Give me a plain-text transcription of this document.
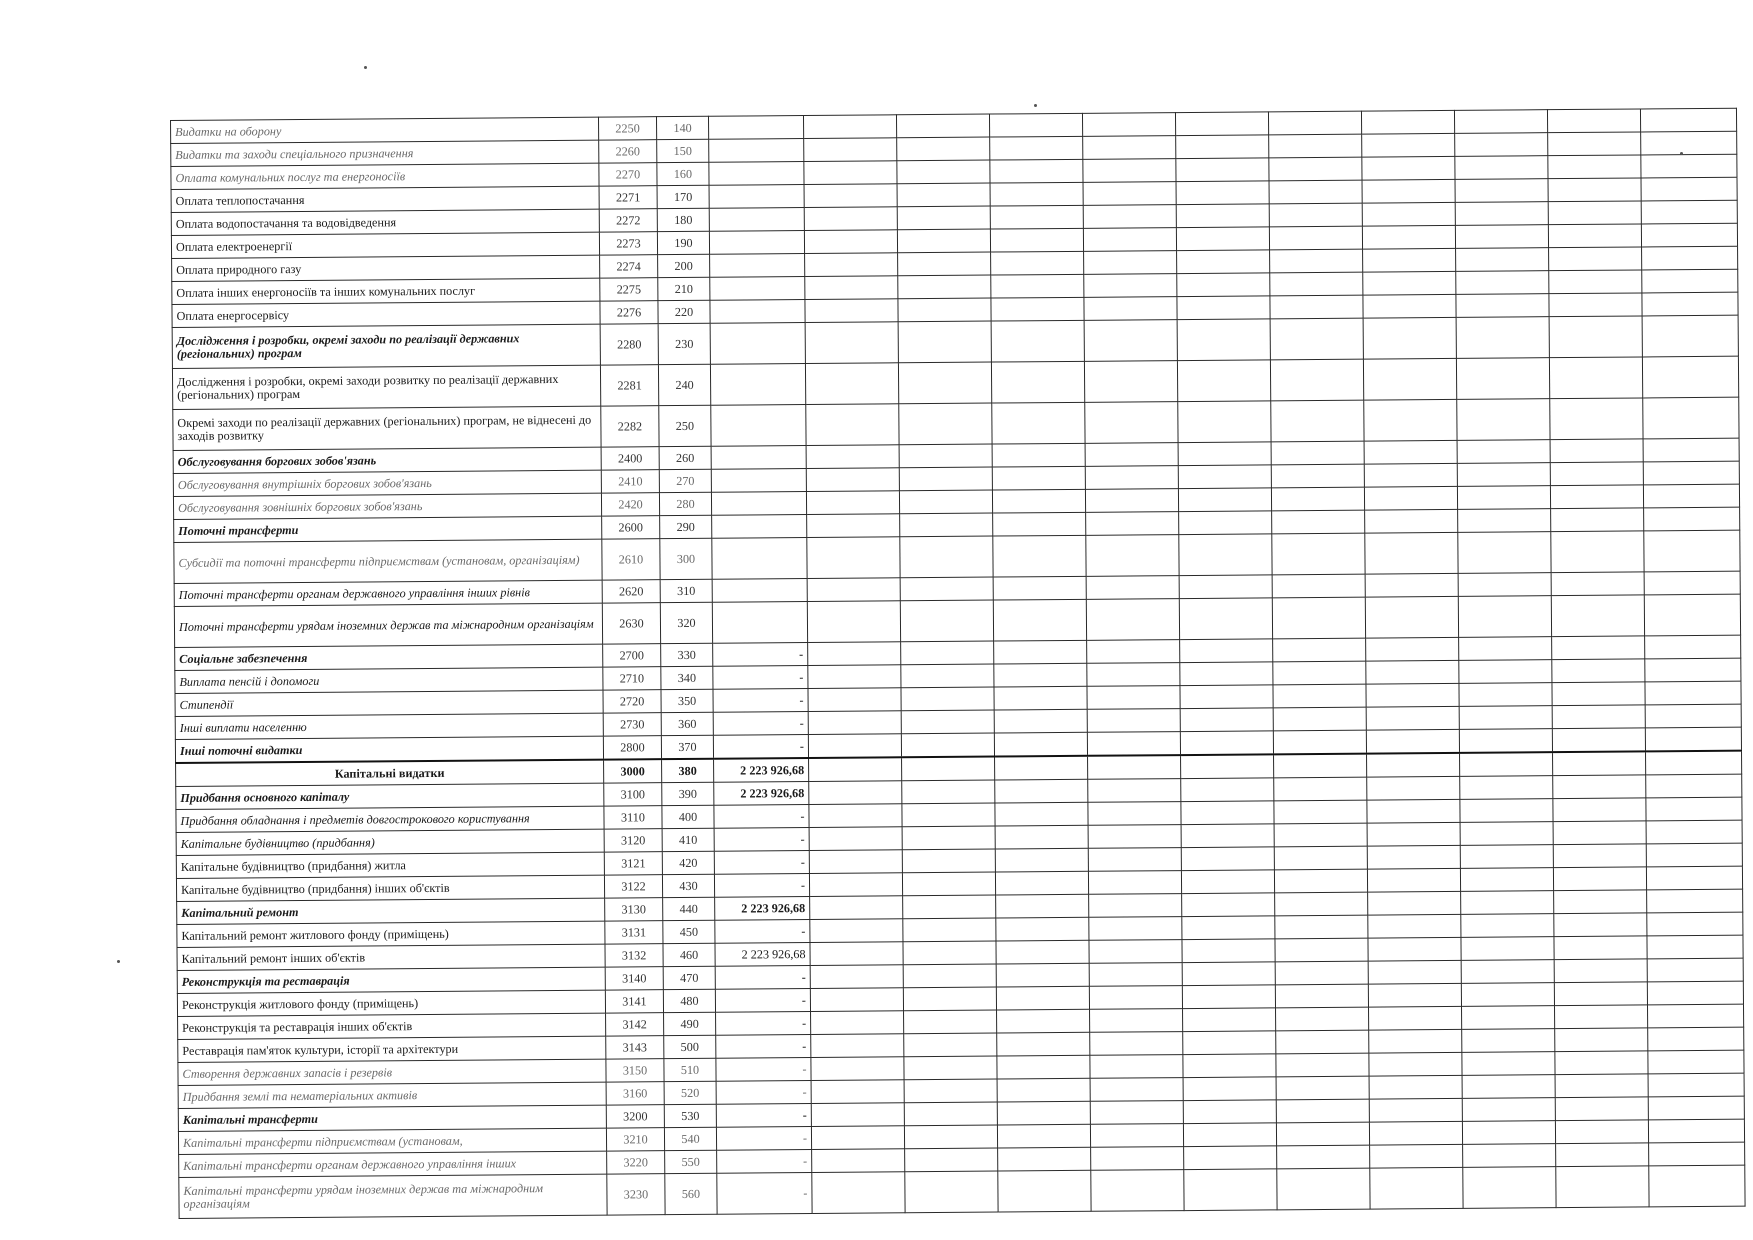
Видатки на оборону	2250	140											
Видатки та заходи спеціального призначення	2260	150											
Оплата комунальних послуг та енергоносіїв	2270	160											
Оплата теплопостачання	2271	170											
Оплата водопостачання та водовідведення	2272	180											
Оплата електроенергії	2273	190											
Оплата природного газу	2274	200											
Оплата інших енергоносіїв та інших комунальних послуг	2275	210											
Оплата енергосервісу	2276	220											
Дослідження і розробки, окремі заходи по реалізації державних (регіональних) програм	2280	230											
Дослідження і розробки, окремі заходи розвитку по реалізації державних (регіональних) програм	2281	240											
Окремі заходи по реалізації державних (регіональних) програм, не віднесені до заходів розвитку	2282	250											
Обслуговування боргових зобов'язань	2400	260											
Обслуговування внутрішніх боргових зобов'язань	2410	270											
Обслуговування зовнішніх боргових зобов'язань	2420	280											
Поточні трансферти	2600	290											
Субсидії та поточні трансферти підприємствам (установам, організаціям)	2610	300											
Поточні трансферти органам державного управління інших рівнів	2620	310											
Поточні трансферти урядам іноземних держав та міжнародним організаціям	2630	320											
Соціальне забезпечення	2700	330	-										
Виплата пенсій і допомоги	2710	340	-										
Стипендії	2720	350	-										
Інші виплати населенню	2730	360	-										
Інші поточні видатки	2800	370	-										
Капітальні видатки	3000	380	2 223 926,68										
Придбання основного капіталу	3100	390	2 223 926,68										
Придбання обладнання і предметів довгострокового користування	3110	400	-										
Капітальне будівництво (придбання)	3120	410	-										
Капітальне будівництво (придбання) житла	3121	420	-										
Капітальне будівництво (придбання) інших об'єктів	3122	430	-										
Капітальний ремонт	3130	440	2 223 926,68										
Капітальний ремонт житлового фонду (приміщень)	3131	450	-										
Капітальний ремонт інших об'єктів	3132	460	2 223 926,68										
Реконструкція та реставрація	3140	470	-										
Реконструкція житлового фонду (приміщень)	3141	480	-										
Реконструкція та реставрація інших об'єктів	3142	490	-										
Реставрація пам'яток культури, історії та архітектури	3143	500	-										
Створення державних запасів і резервів	3150	510	-										
Придбання землі та нематеріальних активів	3160	520	-										
Капітальні трансферти	3200	530	-										
Капітальні трансферти підприємствам (установам,	3210	540	-										
Капітальні трансферти органам державного управління інших	3220	550	-										
Капітальні трансферти урядам іноземних держав та міжнародним організаціям	3230	560	-										
